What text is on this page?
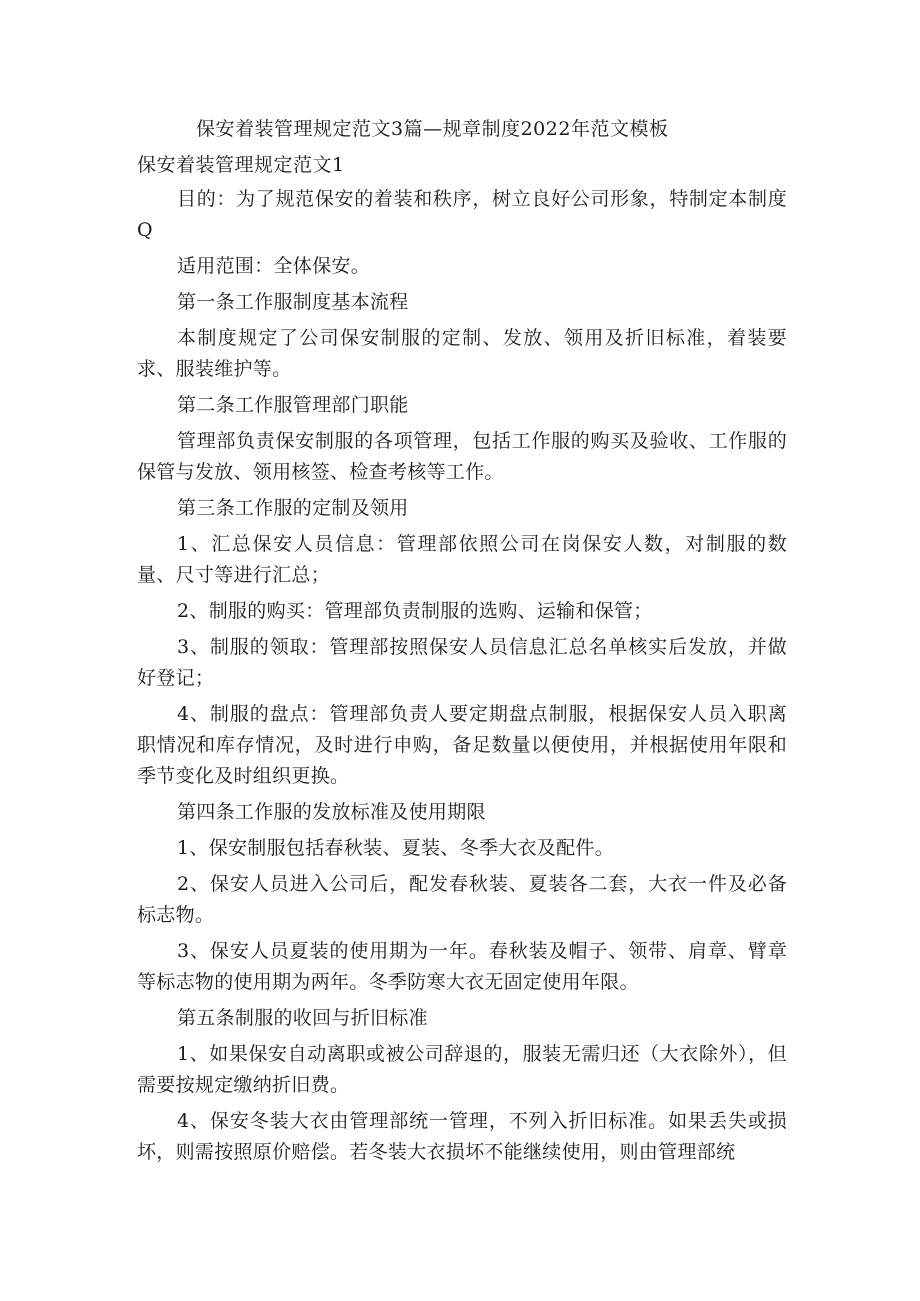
保安着装管理规定范文3篇—规章制度2022年范文模板
保安着装管理规定范文1

目的：为了规范保安的着装和秩序，树立良好公司形象，特制定本制度Q

适用范围：全体保安。

第一条工作服制度基本流程

本制度规定了公司保安制服的定制、发放、领用及折旧标准，着装要求、服装维护等。

第二条工作服管理部门职能

管理部负责保安制服的各项管理，包括工作服的购买及验收、工作服的保管与发放、领用核签、检查考核等工作。

第三条工作服的定制及领用

1、汇总保安人员信息：管理部依照公司在岗保安人数，对制服的数量、尺寸等进行汇总；

2、制服的购买：管理部负责制服的选购、运输和保管；

3、制服的领取：管理部按照保安人员信息汇总名单核实后发放，并做好登记；

4、制服的盘点：管理部负责人要定期盘点制服，根据保安人员入职离职情况和库存情况，及时进行申购，备足数量以便使用，并根据使用年限和季节变化及时组织更换。

第四条工作服的发放标准及使用期限

1、保安制服包括春秋装、夏装、冬季大衣及配件。

2、保安人员进入公司后，配发春秋装、夏装各二套，大衣一件及必备标志物。

3、保安人员夏装的使用期为一年。春秋装及帽子、领带、肩章、臂章等标志物的使用期为两年。冬季防寒大衣无固定使用年限。

第五条制服的收回与折旧标准

1、如果保安自动离职或被公司辞退的，服装无需归还（大衣除外），但需要按规定缴纳折旧费。

4、保安冬装大衣由管理部统一管理，不列入折旧标准。如果丢失或损坏，则需按照原价赔偿。若冬装大衣损坏不能继续使用，则由管理部统
